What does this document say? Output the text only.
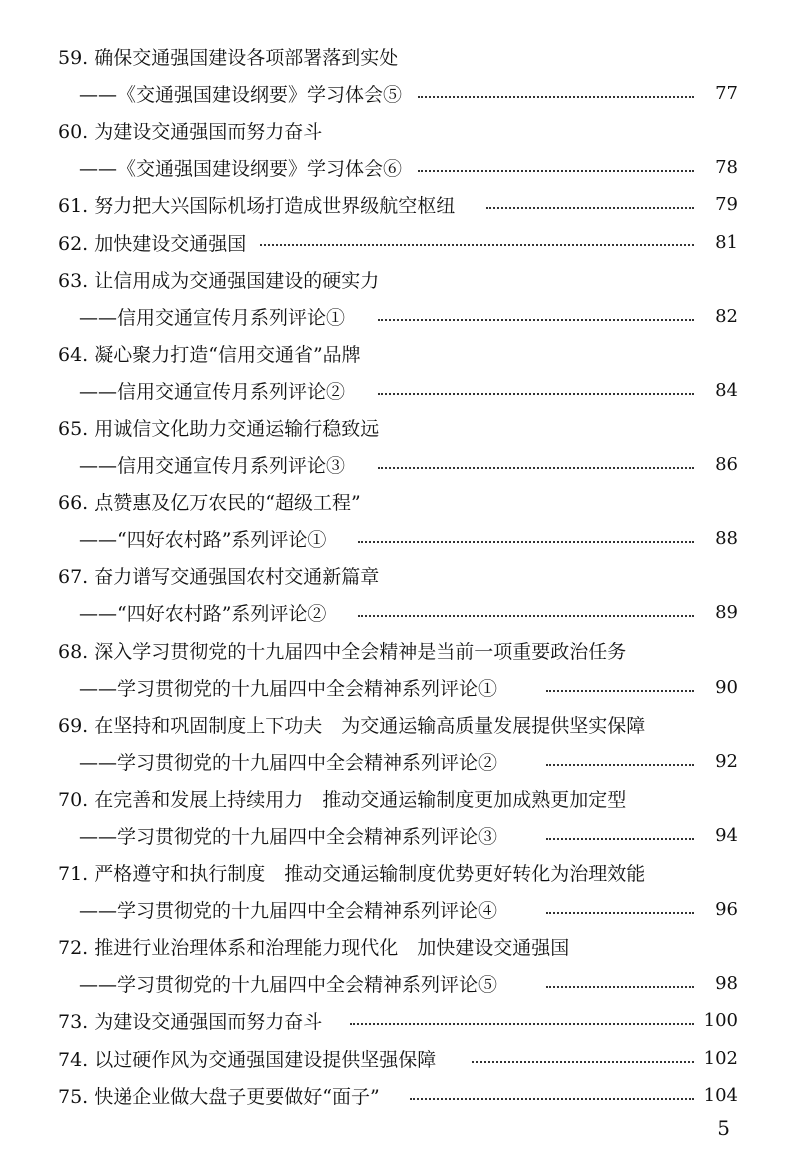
59. 确保交通强国建设各项部署落到实处
——《交通强国建设纲要》学习体会⑤	77
60. 为建设交通强国而努力奋斗
——《交通强国建设纲要》学习体会⑥	78
61. 努力把大兴国际机场打造成世界级航空枢纽	79
62. 加快建设交通强国	81
63. 让信用成为交通强国建设的硬实力
——信用交通宣传月系列评论①	82
64. 凝心聚力打造“信用交通省”品牌
——信用交通宣传月系列评论②	84
65. 用诚信文化助力交通运输行稳致远
——信用交通宣传月系列评论③	86
66. 点赞惠及亿万农民的“超级工程”
——“四好农村路”系列评论①	88
67. 奋力谱写交通强国农村交通新篇章
——“四好农村路”系列评论②	89
68. 深入学习贯彻党的十九届四中全会精神是当前一项重要政治任务
——学习贯彻党的十九届四中全会精神系列评论①	90
69. 在坚持和巩固制度上下功夫　为交通运输高质量发展提供坚实保障
——学习贯彻党的十九届四中全会精神系列评论②	92
70. 在完善和发展上持续用力　推动交通运输制度更加成熟更加定型
——学习贯彻党的十九届四中全会精神系列评论③	94
71. 严格遵守和执行制度　推动交通运输制度优势更好转化为治理效能
——学习贯彻党的十九届四中全会精神系列评论④	96
72. 推进行业治理体系和治理能力现代化　加快建设交通强国
——学习贯彻党的十九届四中全会精神系列评论⑤	98
73. 为建设交通强国而努力奋斗	100
74. 以过硬作风为交通强国建设提供坚强保障	102
75. 快递企业做大盘子更要做好“面子”	104
5
